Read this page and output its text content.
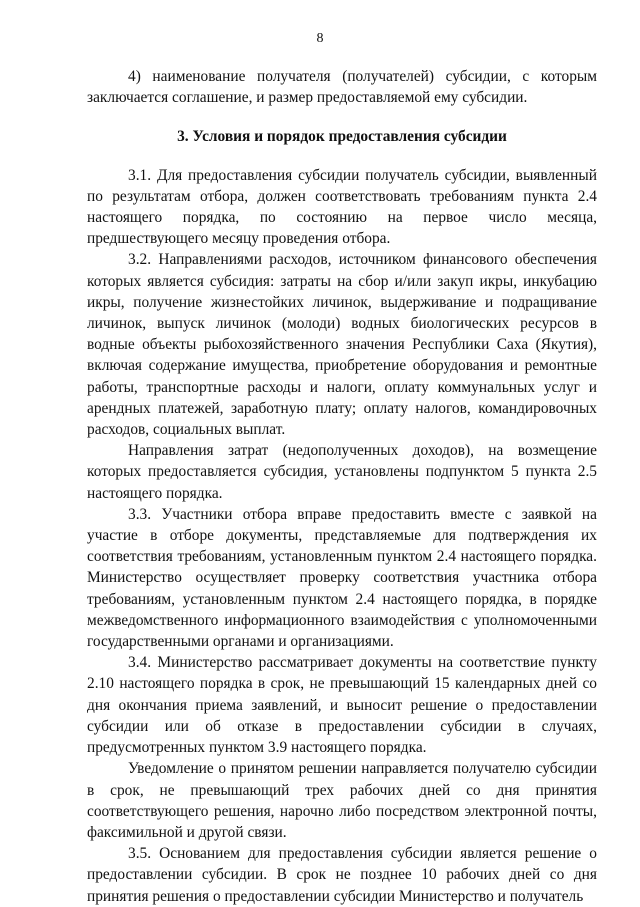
8

4) наименование получателя (получателей) субсидии, с которым заключается соглашение, и размер предоставляемой ему субсидии.

3. Условия и порядок предоставления субсидии

3.1. Для предоставления субсидии получатель субсидии, выявленный по результатам отбора, должен соответствовать требованиям пункта 2.4 настоящего порядка, по состоянию на первое число месяца, предшествующего месяцу проведения отбора.

3.2. Направлениями расходов, источником финансового обеспечения которых является субсидия: затраты на сбор и/или закуп икры, инкубацию икры, получение жизнестойких личинок, выдерживание и подращивание личинок, выпуск личинок (молоди) водных биологических ресурсов в водные объекты рыбохозяйственного значения Республики Саха (Якутия), включая содержание имущества, приобретение оборудования и ремонтные работы, транспортные расходы и налоги, оплату коммунальных услуг и арендных платежей, заработную плату; оплату налогов, командировочных расходов, социальных выплат.

Направления затрат (недополученных доходов), на возмещение которых предоставляется субсидия, установлены подпунктом 5 пункта 2.5 настоящего порядка.

3.3. Участники отбора вправе предоставить вместе с заявкой на участие в отборе документы, представляемые для подтверждения их соответствия требованиям, установленным пунктом 2.4 настоящего порядка. Министерство осуществляет проверку соответствия участника отбора требованиям, установленным пунктом 2.4 настоящего порядка, в порядке межведомственного информационного взаимодействия с уполномоченными государственными органами и организациями.

3.4. Министерство рассматривает документы на соответствие пункту 2.10 настоящего порядка в срок, не превышающий 15 календарных дней со дня окончания приема заявлений, и выносит решение о предоставлении субсидии или об отказе в предоставлении субсидии в случаях, предусмотренных пунктом 3.9 настоящего порядка.

Уведомление о принятом решении направляется получателю субсидии в срок, не превышающий трех рабочих дней со дня принятия соответствующего решения, нарочно либо посредством электронной почты, факсимильной и другой связи.

3.5. Основанием для предоставления субсидии является решение о предоставлении субсидии. В срок не позднее 10 рабочих дней со дня принятия решения о предоставлении субсидии Министерство и получатель
